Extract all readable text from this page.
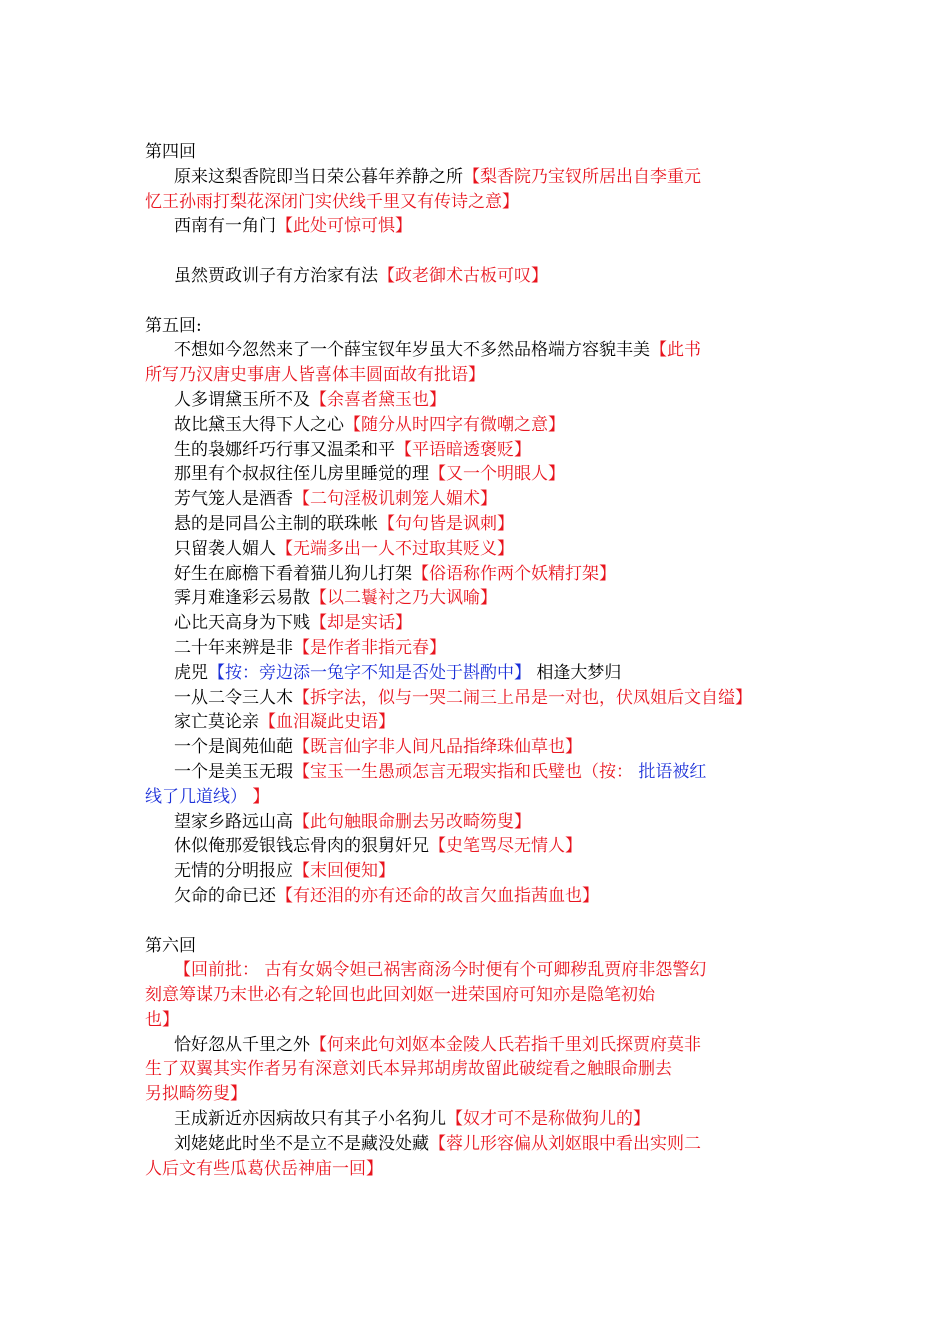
第四回
原来这梨香院即当日荣公暮年养静之所【梨香院乃宝钗所居出自李重元
忆王孙雨打梨花深闭门实伏线千里又有传诗之意】
西南有一角门【此处可惊可惧】
虽然贾政训子有方治家有法【政老御术古板可叹】
第五回:
不想如今忽然来了一个薛宝钗年岁虽大不多然品格端方容貌丰美【此书
所写乃汉唐史事唐人皆喜体丰圆面故有批语】
人多谓黛玉所不及【余喜者黛玉也】
故比黛玉大得下人之心【随分从时四字有微嘲之意】
生的袅娜纤巧行事又温柔和平【平语暗透褒贬】
那里有个叔叔往侄儿房里睡觉的理【又一个明眼人】
芳气笼人是酒香【二句淫极讥刺笼人媚术】
悬的是同昌公主制的联珠帐【句句皆是讽刺】
只留袭人媚人【无端多出一人不过取其贬义】
好生在廊檐下看着猫儿狗儿打架【俗语称作两个妖精打架】
霁月难逢彩云易散【以二鬟衬之乃大讽喻】
心比天高身为下贱【却是实话】
二十年来辨是非【是作者非指元春】
虎兕【按：旁边添一兔字不知是否处于斟酌中】 相逢大梦归
一从二令三人木【拆字法，似与一哭二闹三上吊是一对也，伏凤姐后文自缢】
家亡莫论亲【血泪凝此史语】
一个是阆苑仙葩【既言仙字非人间凡品指绛珠仙草也】
一个是美玉无瑕【宝玉一生愚顽怎言无瑕实指和氏璧也（按： 批语被红
线了几道线） 】
望家乡路远山高【此句触眼命删去另改畸笏叟】
休似俺那爱银钱忘骨肉的狠舅奸兄【史笔骂尽无情人】
无情的分明报应【末回便知】
欠命的命已还【有还泪的亦有还命的故言欠血指茜血也】
第六回
【回前批： 古有女娲令妲己祸害商汤今时便有个可卿秽乱贾府非怨警幻
刻意筹谋乃末世必有之轮回也此回刘妪一进荣国府可知亦是隐笔初始
也】
恰好忽从千里之外【何来此句刘妪本金陵人氏若指千里刘氏探贾府莫非
生了双翼其实作者另有深意刘氏本异邦胡虏故留此破绽看之触眼命删去
另拟畸笏叟】
王成新近亦因病故只有其子小名狗儿【奴才可不是称做狗儿的】
刘姥姥此时坐不是立不是藏没处藏【蓉儿形容偏从刘妪眼中看出实则二
人后文有些瓜葛伏岳神庙一回】
